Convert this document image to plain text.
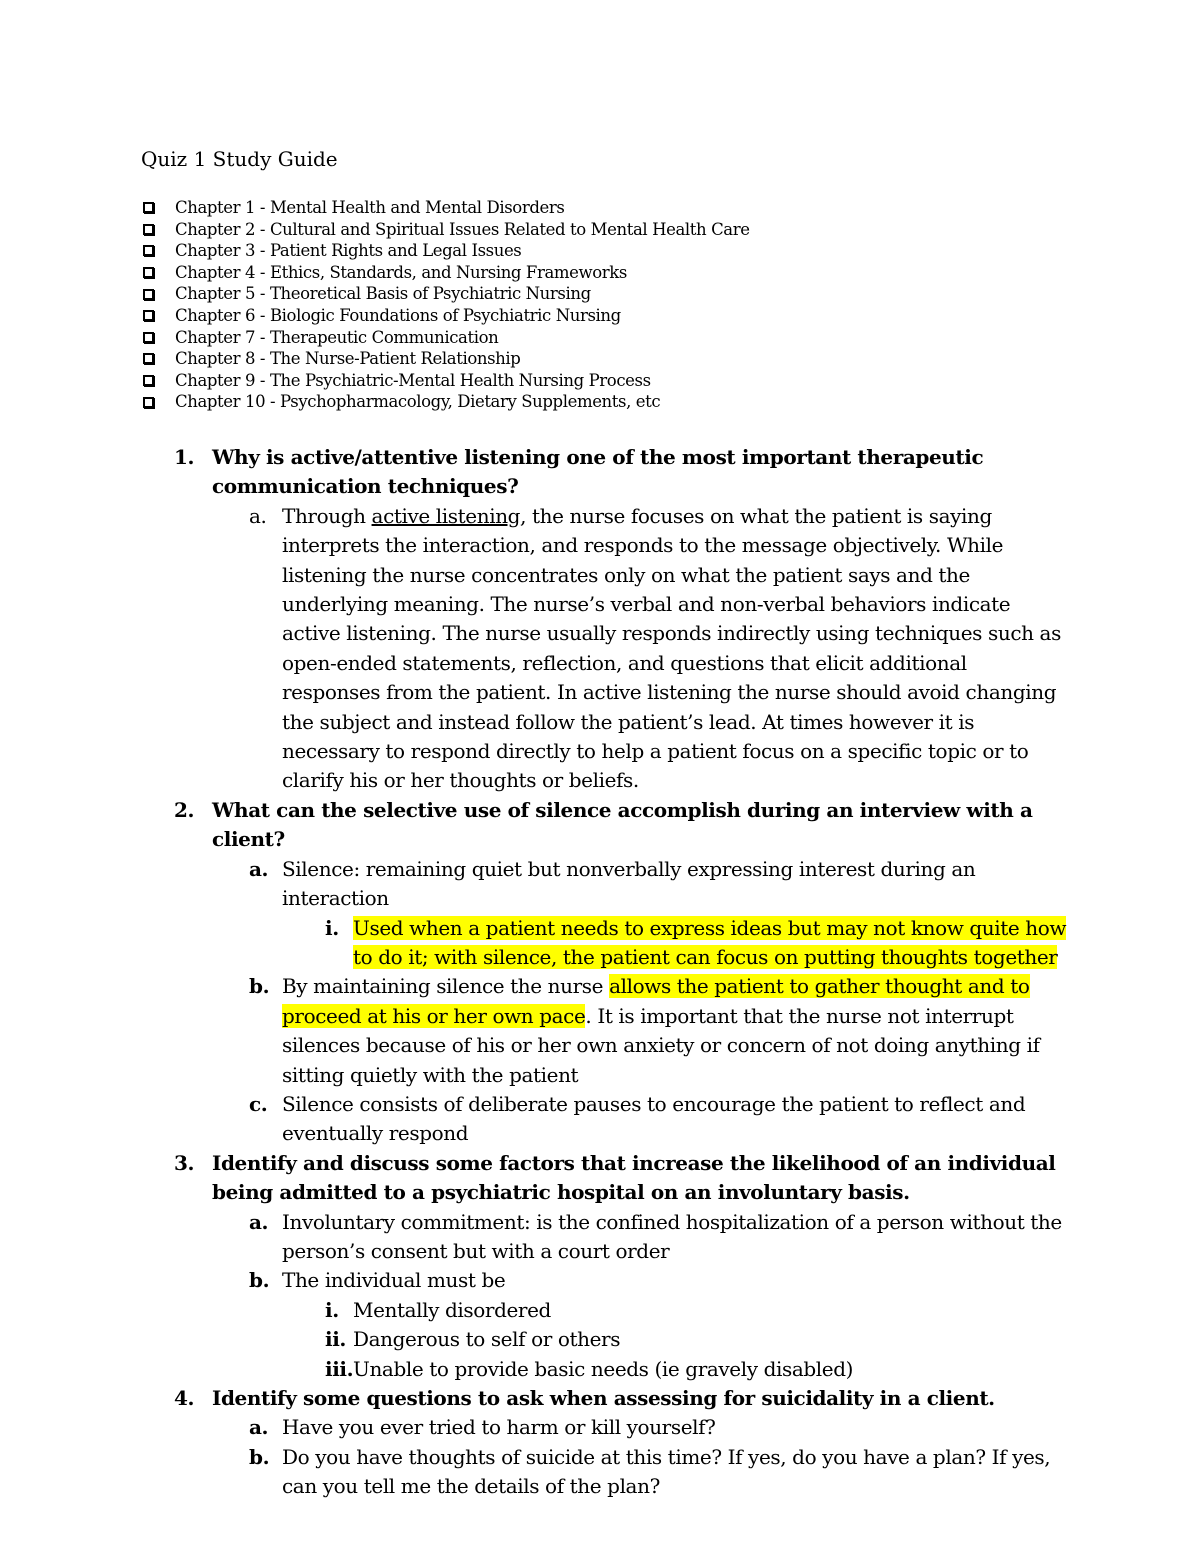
Quiz 1 Study Guide
Chapter 1 - Mental Health and Mental Disorders
Chapter 2 - Cultural and Spiritual Issues Related to Mental Health Care
Chapter 3 - Patient Rights and Legal Issues
Chapter 4 - Ethics, Standards, and Nursing Frameworks
Chapter 5 - Theoretical Basis of Psychiatric Nursing
Chapter 6 - Biologic Foundations of Psychiatric Nursing
Chapter 7 - Therapeutic Communication
Chapter 8 - The Nurse-Patient Relationship
Chapter 9 - The Psychiatric-Mental Health Nursing Process
Chapter 10 - Psychopharmacology, Dietary Supplements, etc
1. Why is active/attentive listening one of the most important therapeutic communication techniques?
a. Through active listening, the nurse focuses on what the patient is saying interprets the interaction, and responds to the message objectively. While listening the nurse concentrates only on what the patient says and the underlying meaning. The nurse’s verbal and non-verbal behaviors indicate active listening. The nurse usually responds indirectly using techniques such as open-ended statements, reflection, and questions that elicit additional responses from the patient. In active listening the nurse should avoid changing the subject and instead follow the patient’s lead. At times however it is necessary to respond directly to help a patient focus on a specific topic or to clarify his or her thoughts or beliefs.
2. What can the selective use of silence accomplish during an interview with a client?
a. Silence: remaining quiet but nonverbally expressing interest during an interaction
i. Used when a patient needs to express ideas but may not know quite how to do it; with silence, the patient can focus on putting thoughts together
b. By maintaining silence the nurse allows the patient to gather thought and to proceed at his or her own pace. It is important that the nurse not interrupt silences because of his or her own anxiety or concern of not doing anything if sitting quietly with the patient
c. Silence consists of deliberate pauses to encourage the patient to reflect and eventually respond
3. Identify and discuss some factors that increase the likelihood of an individual being admitted to a psychiatric hospital on an involuntary basis.
a. Involuntary commitment: is the confined hospitalization of a person without the person’s consent but with a court order
b. The individual must be
i. Mentally disordered
ii. Dangerous to self or others
iii. Unable to provide basic needs (ie gravely disabled)
4. Identify some questions to ask when assessing for suicidality in a client.
a. Have you ever tried to harm or kill yourself?
b. Do you have thoughts of suicide at this time? If yes, do you have a plan? If yes, can you tell me the details of the plan?
